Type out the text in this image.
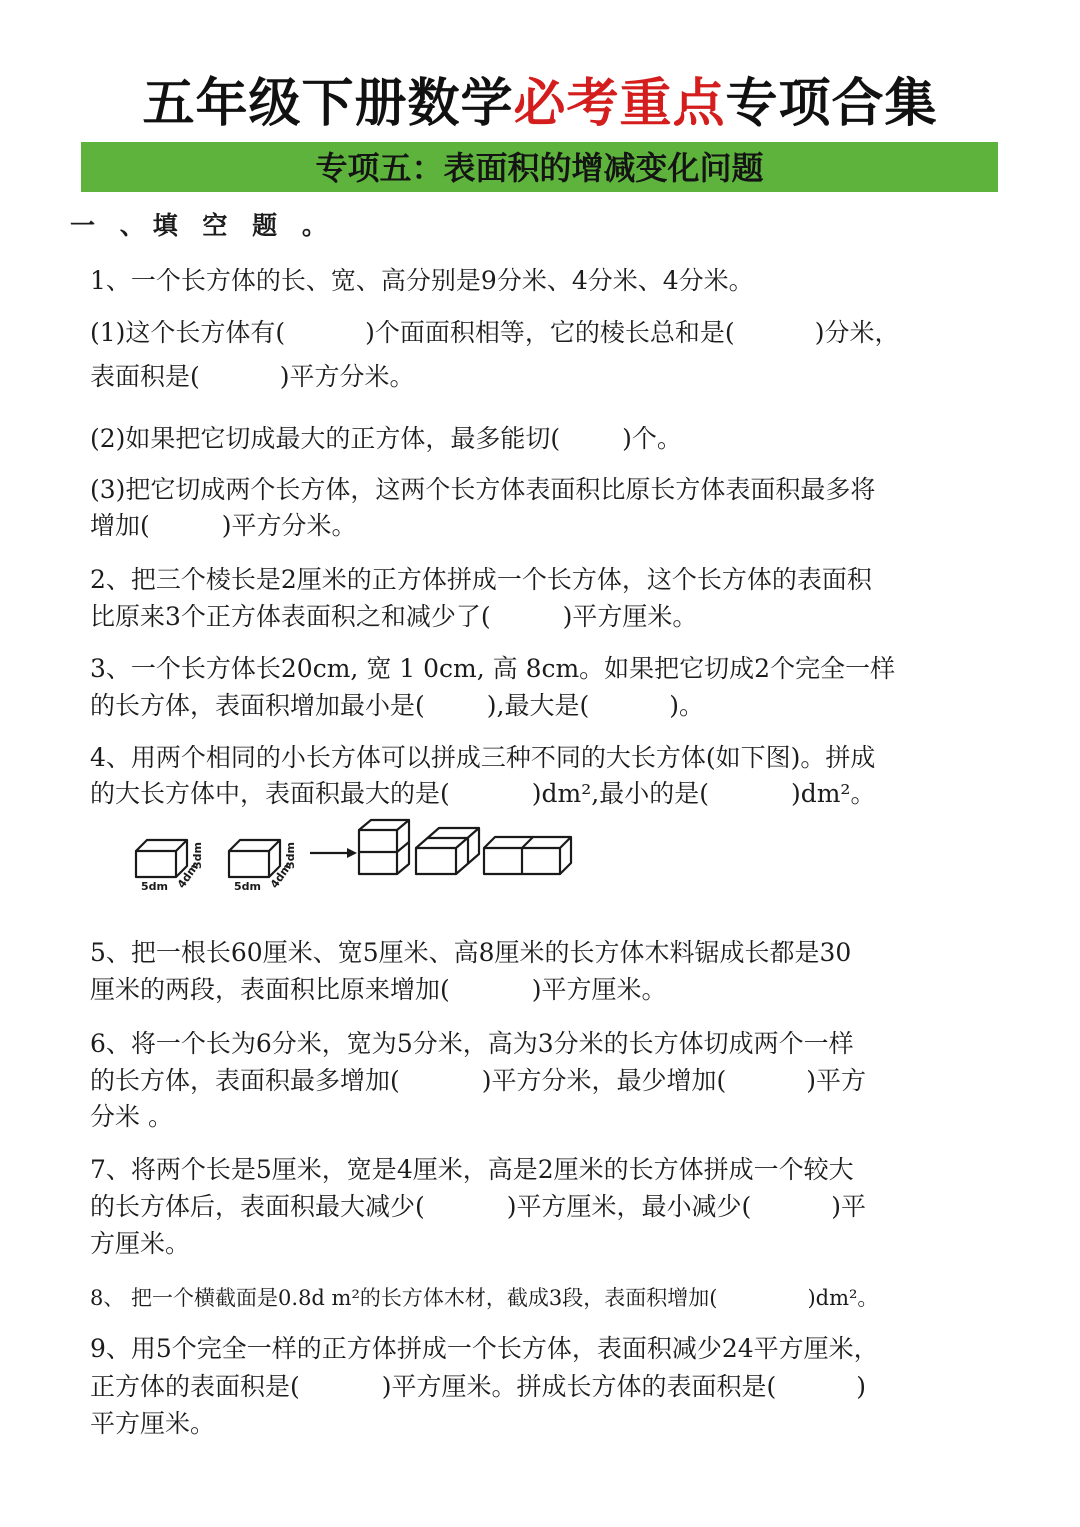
五年级下册数学必考重点专项合集
专项五：表面积的增减变化问题
一 、填 空 题 。
1、一个长方体的长、宽、高分别是9分米、4分米、4分米。
(1)这个长方体有(	)个面面积相等，它的棱长总和是(	)分米，
表面积是(	)平方分米。
(2)如果把它切成最大的正方体，最多能切( )个。
(3)把它切成两个长方体，这两个长方体表面积比原长方体表面积最多将
增加(	)平方分米。
2、把三个棱长是2厘米的正方体拼成一个长方体，这个长方体的表面积
比原来3个正方体表面积之和减少了(	)平方厘米。
3、一个长方体长20cm, 宽 1 0cm, 高 8cm。如果把它切成2个完全一样
的长方体，表面积增加最小是( ),最大是(	)。
4、用两个相同的小长方体可以拼成三种不同的大长方体(如下图)。拼成
的大长方体中，表面积最大的是(	)dm²,最小的是(	)dm²。
5dm 4dm
3dm
5dm 4dm
3dm
5、把一根长60厘米、宽5厘米、高8厘米的长方体木料锯成长都是30
厘米的两段，表面积比原来增加(	)平方厘米。
6、将一个长为6分米，宽为5分米，高为3分米的长方体切成两个一样
的长方体，表面积最多增加(	)平方分米，最少增加(	)平方
分米 。
7、将两个长是5厘米，宽是4厘米，高是2厘米的长方体拼成一个较大
的长方体后，表面积最大减少(	)平方厘米，最小减少(	)平
方厘米。
8、 把一个横截面是0.8d m²的长方体木材，截成3段，表面积增加(	)dm²。
9、用5个完全一样的正方体拼成一个长方体，表面积减少24平方厘米，
正方体的表面积是(	)平方厘米。拼成长方体的表面积是(	)
平方厘米。
